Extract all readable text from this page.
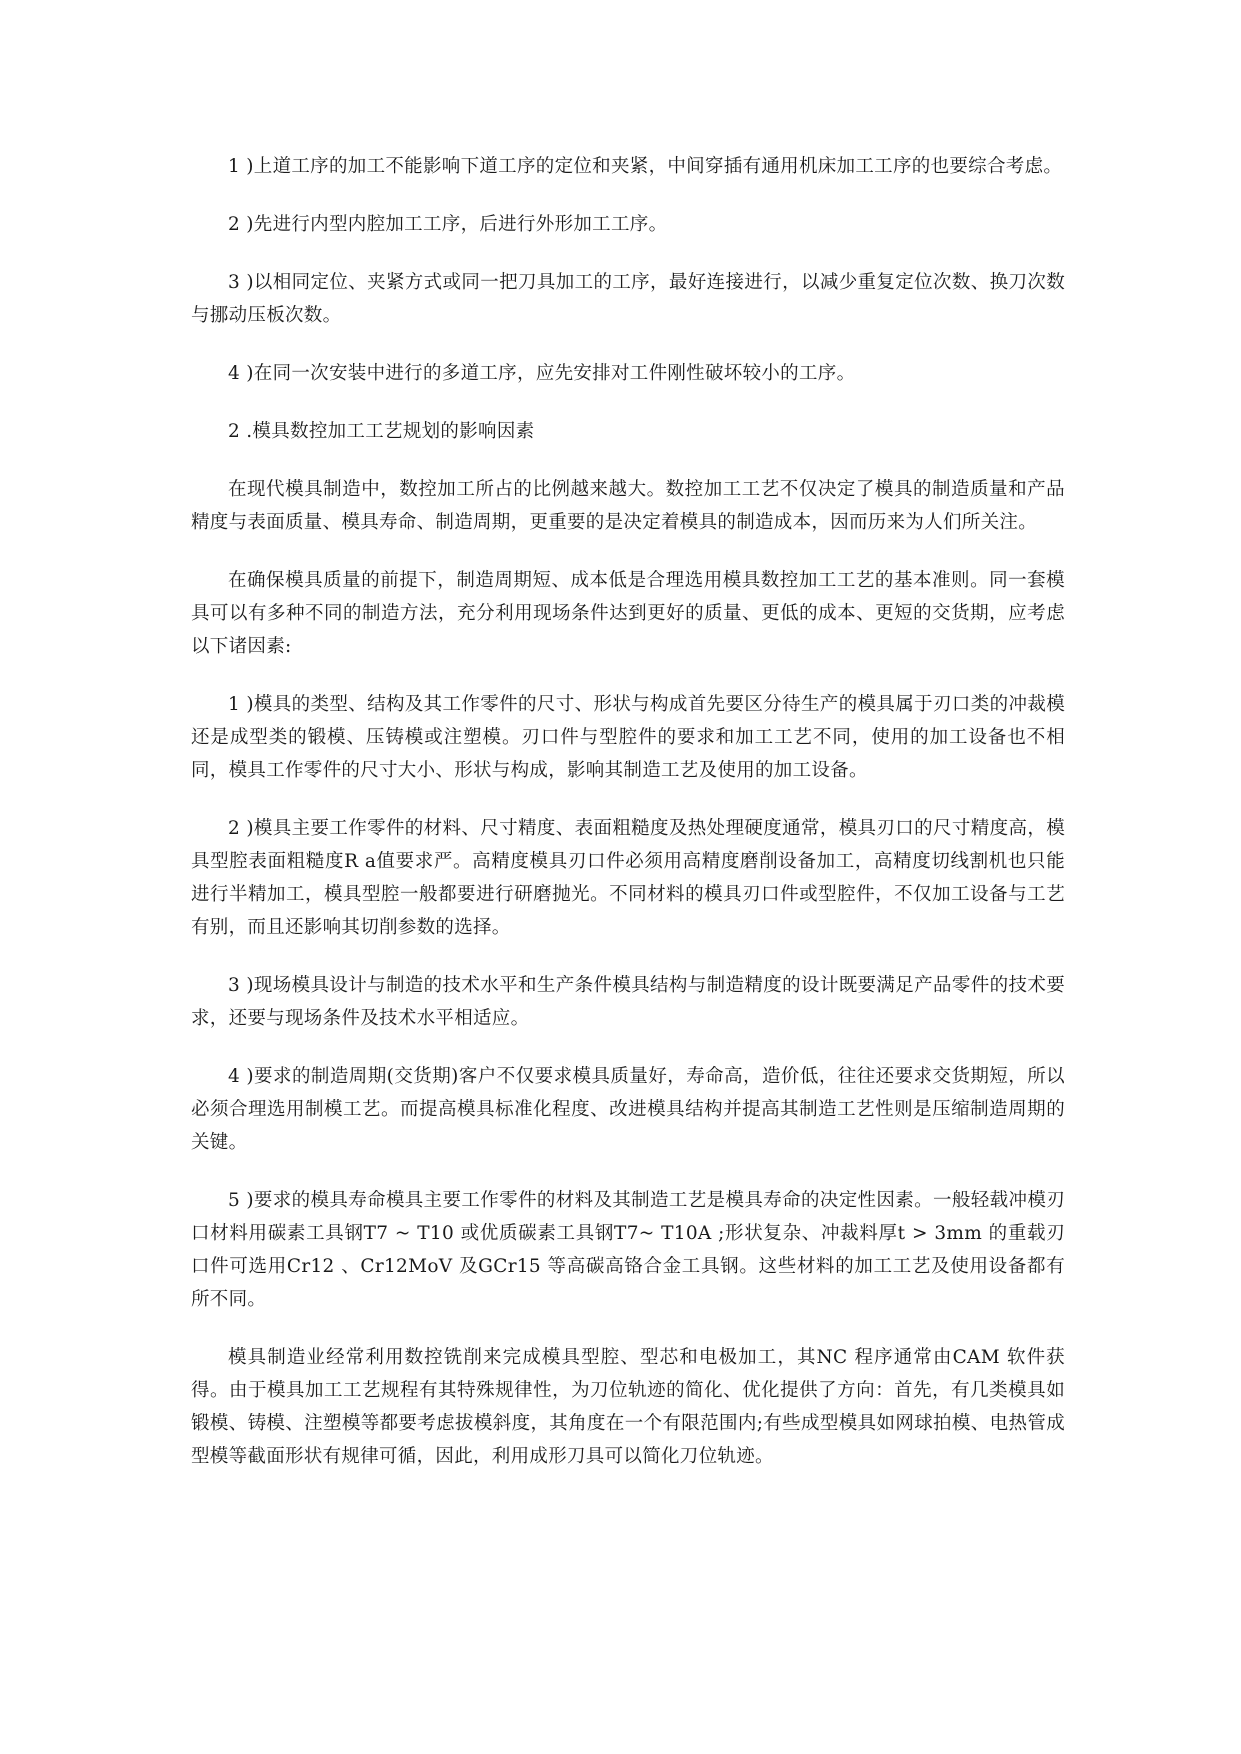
1 )上道工序的加工不能影响下道工序的定位和夹紧，中间穿插有通用机床加工工序的也要综合考虑。

2 )先进行内型内腔加工工序，后进行外形加工工序。

3 )以相同定位、夹紧方式或同一把刀具加工的工序，最好连接进行，以减少重复定位次数、换刀次数与挪动压板次数。

4 )在同一次安装中进行的多道工序，应先安排对工件刚性破坏较小的工序。

2 .模具数控加工工艺规划的影响因素

在现代模具制造中，数控加工所占的比例越来越大。数控加工工艺不仅决定了模具的制造质量和产品精度与表面质量、模具寿命、制造周期，更重要的是决定着模具的制造成本，因而历来为人们所关注。

在确保模具质量的前提下，制造周期短、成本低是合理选用模具数控加工工艺的基本准则。同一套模具可以有多种不同的制造方法，充分利用现场条件达到更好的质量、更低的成本、更短的交货期，应考虑以下诸因素:

1 )模具的类型、结构及其工作零件的尺寸、形状与构成首先要区分待生产的模具属于刃口类的冲裁模还是成型类的锻模、压铸模或注塑模。刃口件与型腔件的要求和加工工艺不同，使用的加工设备也不相同，模具工作零件的尺寸大小、形状与构成，影响其制造工艺及使用的加工设备。

2 )模具主要工作零件的材料、尺寸精度、表面粗糙度及热处理硬度通常，模具刃口的尺寸精度高，模具型腔表面粗糙度R a值要求严。高精度模具刃口件必须用高精度磨削设备加工，高精度切线割机也只能进行半精加工，模具型腔一般都要进行研磨抛光。不同材料的模具刃口件或型腔件，不仅加工设备与工艺有别，而且还影响其切削参数的选择。

3 )现场模具设计与制造的技术水平和生产条件模具结构与制造精度的设计既要满足产品零件的技术要求，还要与现场条件及技术水平相适应。

4 )要求的制造周期(交货期)客户不仅要求模具质量好，寿命高，造价低，往往还要求交货期短，所以必须合理选用制模工艺。而提高模具标准化程度、改进模具结构并提高其制造工艺性则是压缩制造周期的关键。

5 )要求的模具寿命模具主要工作零件的材料及其制造工艺是模具寿命的决定性因素。一般轻载冲模刃口材料用碳素工具钢T7 ~ T10 或优质碳素工具钢T7~ T10A ;形状复杂、冲裁料厚t > 3mm 的重载刃口件可选用Cr12 、Cr12MoV 及GCr15 等高碳高铬合金工具钢。这些材料的加工工艺及使用设备都有所不同。

模具制造业经常利用数控铣削来完成模具型腔、型芯和电极加工，其NC 程序通常由CAM 软件获得。由于模具加工工艺规程有其特殊规律性，为刀位轨迹的简化、优化提供了方向：首先，有几类模具如锻模、铸模、注塑模等都要考虑拔模斜度，其角度在一个有限范围内;有些成型模具如网球拍模、电热管成型模等截面形状有规律可循，因此，利用成形刀具可以简化刀位轨迹。
